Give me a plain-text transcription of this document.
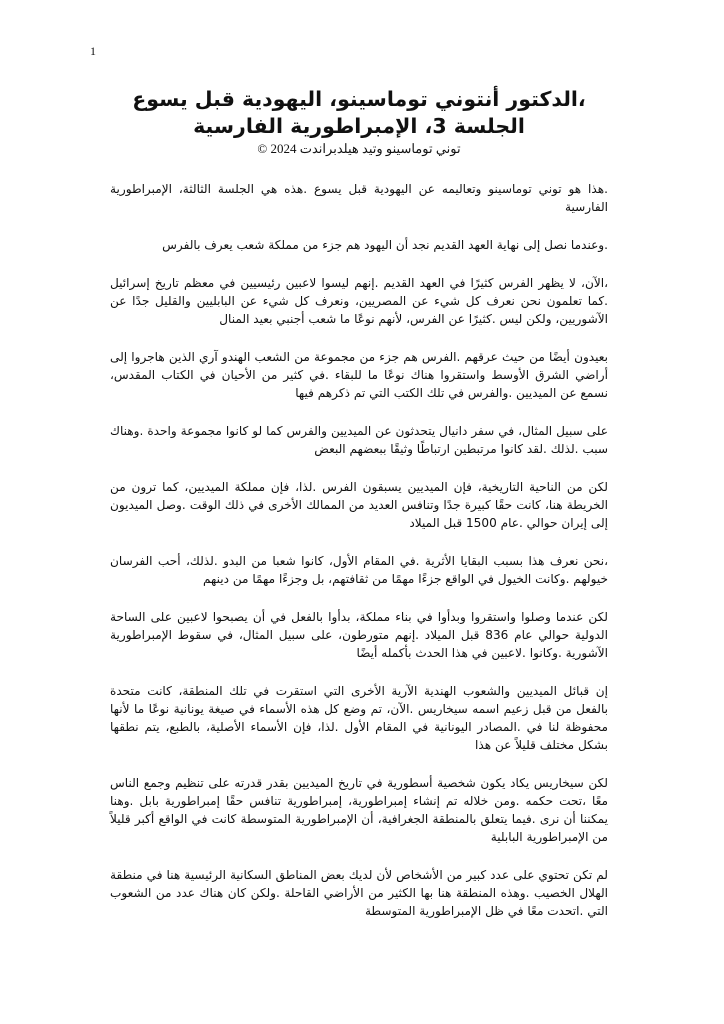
1
،الدكتور أنتوني توماسينو، اليهودية قبل يسوع
الجلسة 3، الإمبراطورية الفارسية
توني توماسينو وتيد هيلدبراندت 2024 ©

.هذا هو توني توماسينو وتعاليمه عن اليهودية قبل يسوع .هذه هي الجلسة الثالثة، الإمبراطورية الفارسية

.وعندما نصل إلى نهاية العهد القديم نجد أن اليهود هم جزء من مملكة شعب يعرف بالفرس

،الآن، لا يظهر الفرس كثيرًا في العهد القديم .إنهم ليسوا لاعبين رئيسيين في معظم تاريخ إسرائيل .كما تعلمون نحن نعرف كل شيء عن المصريين، ونعرف كل شيء عن البابليين والقليل جدًا عن الآشوريين، ولكن ليس .كثيرًا عن الفرس، لأنهم نوعًا ما شعب أجنبي بعيد المنال

بعيدون أيضًا من حيث عرقهم .الفرس هم جزء من مجموعة من الشعب الهندو آري الذين هاجروا إلى أراضي الشرق الأوسط واستقروا هناك نوعًا ما للبقاء .في كثير من الأحيان في الكتاب المقدس، نسمع عن الميديين .والفرس في تلك الكتب التي تم ذكرهم فيها

على سبيل المثال، في سفر دانيال يتحدثون عن الميديين والفرس كما لو كانوا مجموعة واحدة .وهناك سبب .لذلك .لقد كانوا مرتبطين ارتباطًا وثيقًا ببعضهم البعض

لكن من الناحية التاريخية، فإن الميديين يسبقون الفرس .لذا، فإن مملكة الميديين، كما ترون من الخريطة هنا، كانت حقًا كبيرة جدًا وتنافس العديد من الممالك الأخرى في ذلك الوقت .وصل الميديون إلى إيران حوالي .عام 1500 قبل الميلاد

،نحن نعرف هذا بسبب البقايا الأثرية .في المقام الأول، كانوا شعبا من البدو .لذلك، أحب الفرسان خيولهم .وكانت الخيول في الواقع جزءًا مهمًا من ثقافتهم، بل وجزءًا مهمًا من دينهم

لكن عندما وصلوا واستقروا وبدأوا في بناء مملكة، بدأوا بالفعل في أن يصبحوا لاعبين على الساحة الدولية حوالي عام 836 قبل الميلاد .إنهم متورطون، على سبيل المثال، في سقوط الإمبراطورية الآشورية .وكانوا .لاعبين في هذا الحدث بأكمله أيضًا

إن قبائل الميديين والشعوب الهندية الآرية الأخرى التي استقرت في تلك المنطقة، كانت متحدة بالفعل من قبل زعيم اسمه سيخاريس .الآن، تم وضع كل هذه الأسماء في صيغة يونانية نوعًا ما لأنها محفوظة لنا في .المصادر اليونانية في المقام الأول .لذا، فإن الأسماء الأصلية، بالطبع، يتم نطقها بشكل مختلف قليلاً عن هذا

لكن سيخاريس يكاد يكون شخصية أسطورية في تاريخ الميديين بقدر قدرته على تنظيم وجمع الناس معًا ،تحت حكمه .ومن خلاله تم إنشاء إمبراطورية، إمبراطورية تنافس حقًا إمبراطورية بابل .وهنا يمكننا أن نرى .فيما يتعلق بالمنطقة الجغرافية، أن الإمبراطورية المتوسطة كانت في الواقع أكبر قليلاً من الإمبراطورية البابلية

لم تكن تحتوي على عدد كبير من الأشخاص لأن لديك بعض المناطق السكانية الرئيسية هنا في منطقة الهلال الخصيب .وهذه المنطقة هنا بها الكثير من الأراضي القاحلة .ولكن كان هناك عدد من الشعوب التي .اتحدت معًا في ظل الإمبراطورية المتوسطة
